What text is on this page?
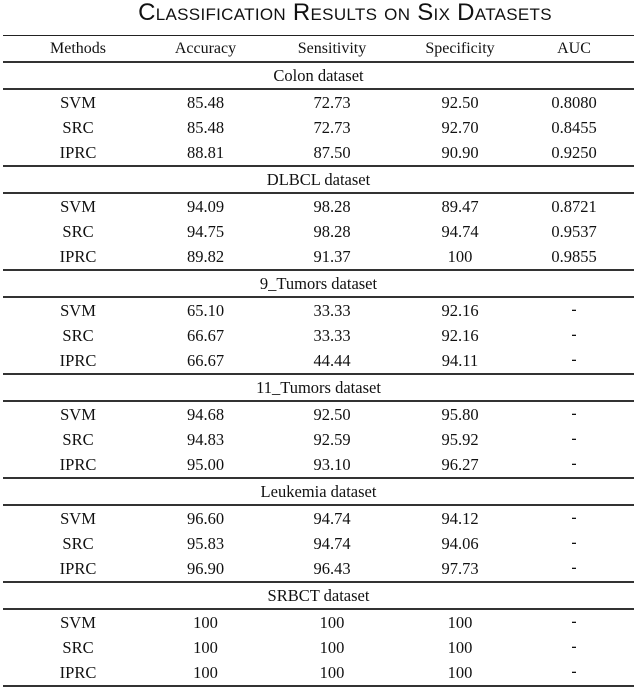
Classification Results on Six Datasets
Methods	Accuracy	Sensitivity	Specificity	AUC
Colon dataset
SVM	85.48	72.73	92.50	0.8080
SRC	85.48	72.73	92.70	0.8455
IPRC	88.81	87.50	90.90	0.9250
DLBCL dataset
SVM	94.09	98.28	89.47	0.8721
SRC	94.75	98.28	94.74	0.9537
IPRC	89.82	91.37	100	0.9855
9_Tumors dataset
SVM	65.10	33.33	92.16	-
SRC	66.67	33.33	92.16	-
IPRC	66.67	44.44	94.11	-
11_Tumors dataset
SVM	94.68	92.50	95.80	-
SRC	94.83	92.59	95.92	-
IPRC	95.00	93.10	96.27	-
Leukemia dataset
SVM	96.60	94.74	94.12	-
SRC	95.83	94.74	94.06	-
IPRC	96.90	96.43	97.73	-
SRBCT dataset
SVM	100	100	100	-
SRC	100	100	100	-
IPRC	100	100	100	-
